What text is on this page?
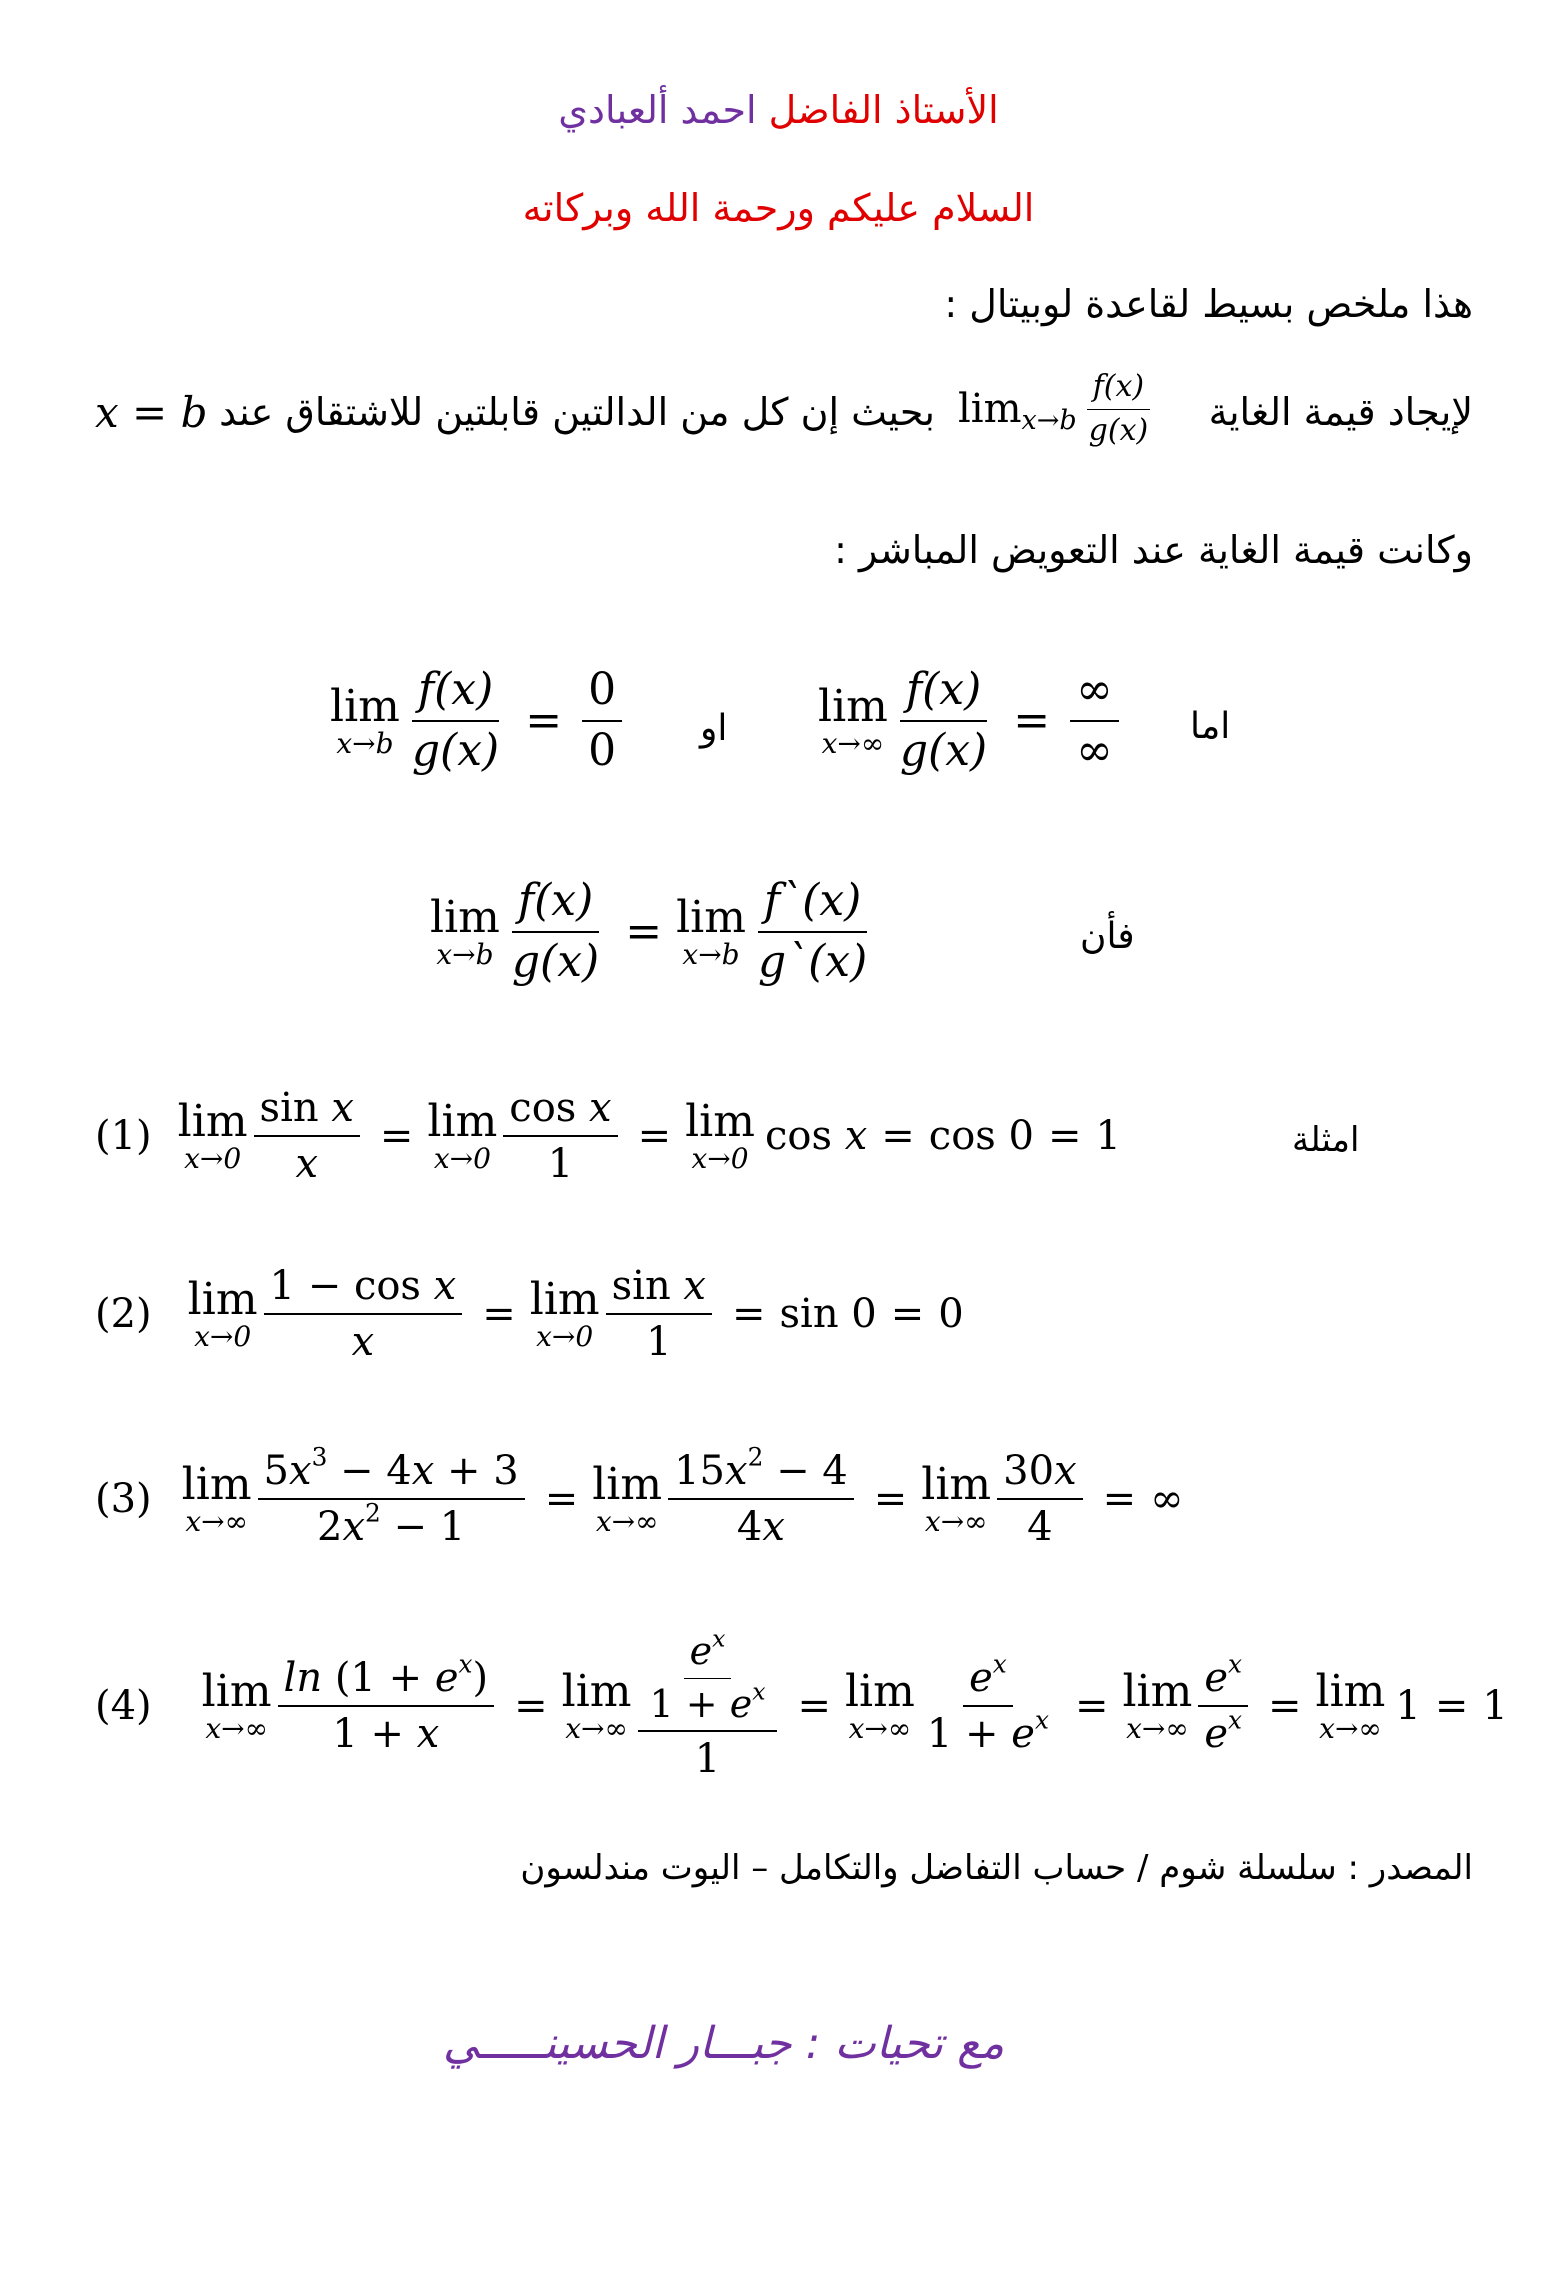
الأستاذ الفاضل احمد ألعبادي
السلام عليكم ورحمة الله وبركاته
هذا ملخص بسيط لقاعدة لوبيتال :
لإيجاد قيمة الغاية
$\lim x\to b \frac{f(x)}{g(x)}$
بحيث إن كل من الدالتين قابلتين للاشتقاق عند
x = b
وكانت قيمة الغاية عند التعويض المباشر :
lim
$x\to b \frac{f(x)}{g(x)} = \frac{0}{0}$ او lim
$x\to\infty \frac{f(x)}{g(x)} = \frac{\infty}{\infty}$ اما
lim
$x\to b \frac{f(x)}{g(x)} = \lim$
$x\to b \frac{f`(x)}{g`(x)}$	فأن
امثلة
(1) lim
$x\to 0 \frac{\text{sin x}}{x} = \lim$
$x\to 0 \frac{\text{cos x}}{1} = \lim$
x→0 cos x = cos 0 = 1
(2) lim
$x\to 0 \frac{\text{1 − cos x}}{x} = \lim$
$x\to 0 \frac{\text{sin x}}{1} = \sin 0 = 0$
(3) lim
$x\to\infty \frac{5x^3 - 4x + 3}{2x^2 - 1} = \lim$
$x\to\infty \frac{15x^2 - 4}{4x} = \lim$
$x\to\infty \frac{30x}{4}$ = ∞
(4) lim
$x\to\infty \frac{\ln (1 + e^x)}{1 + x} = \lim$
$x\to\infty \frac{\frac{e^x}{1 + e^x}}{1} = \lim$
$x\to\infty \frac{e^x}{1 + e^x} = \lim$
$x\to\infty \frac{e^x}{e^x} = \lim$
x→∞ 1 = 1
المصدر : سلسلة شوم / حساب التفاضل والتكامل – اليوت مندلسون
مع تحيات : جبـــار الحسينـــــي
